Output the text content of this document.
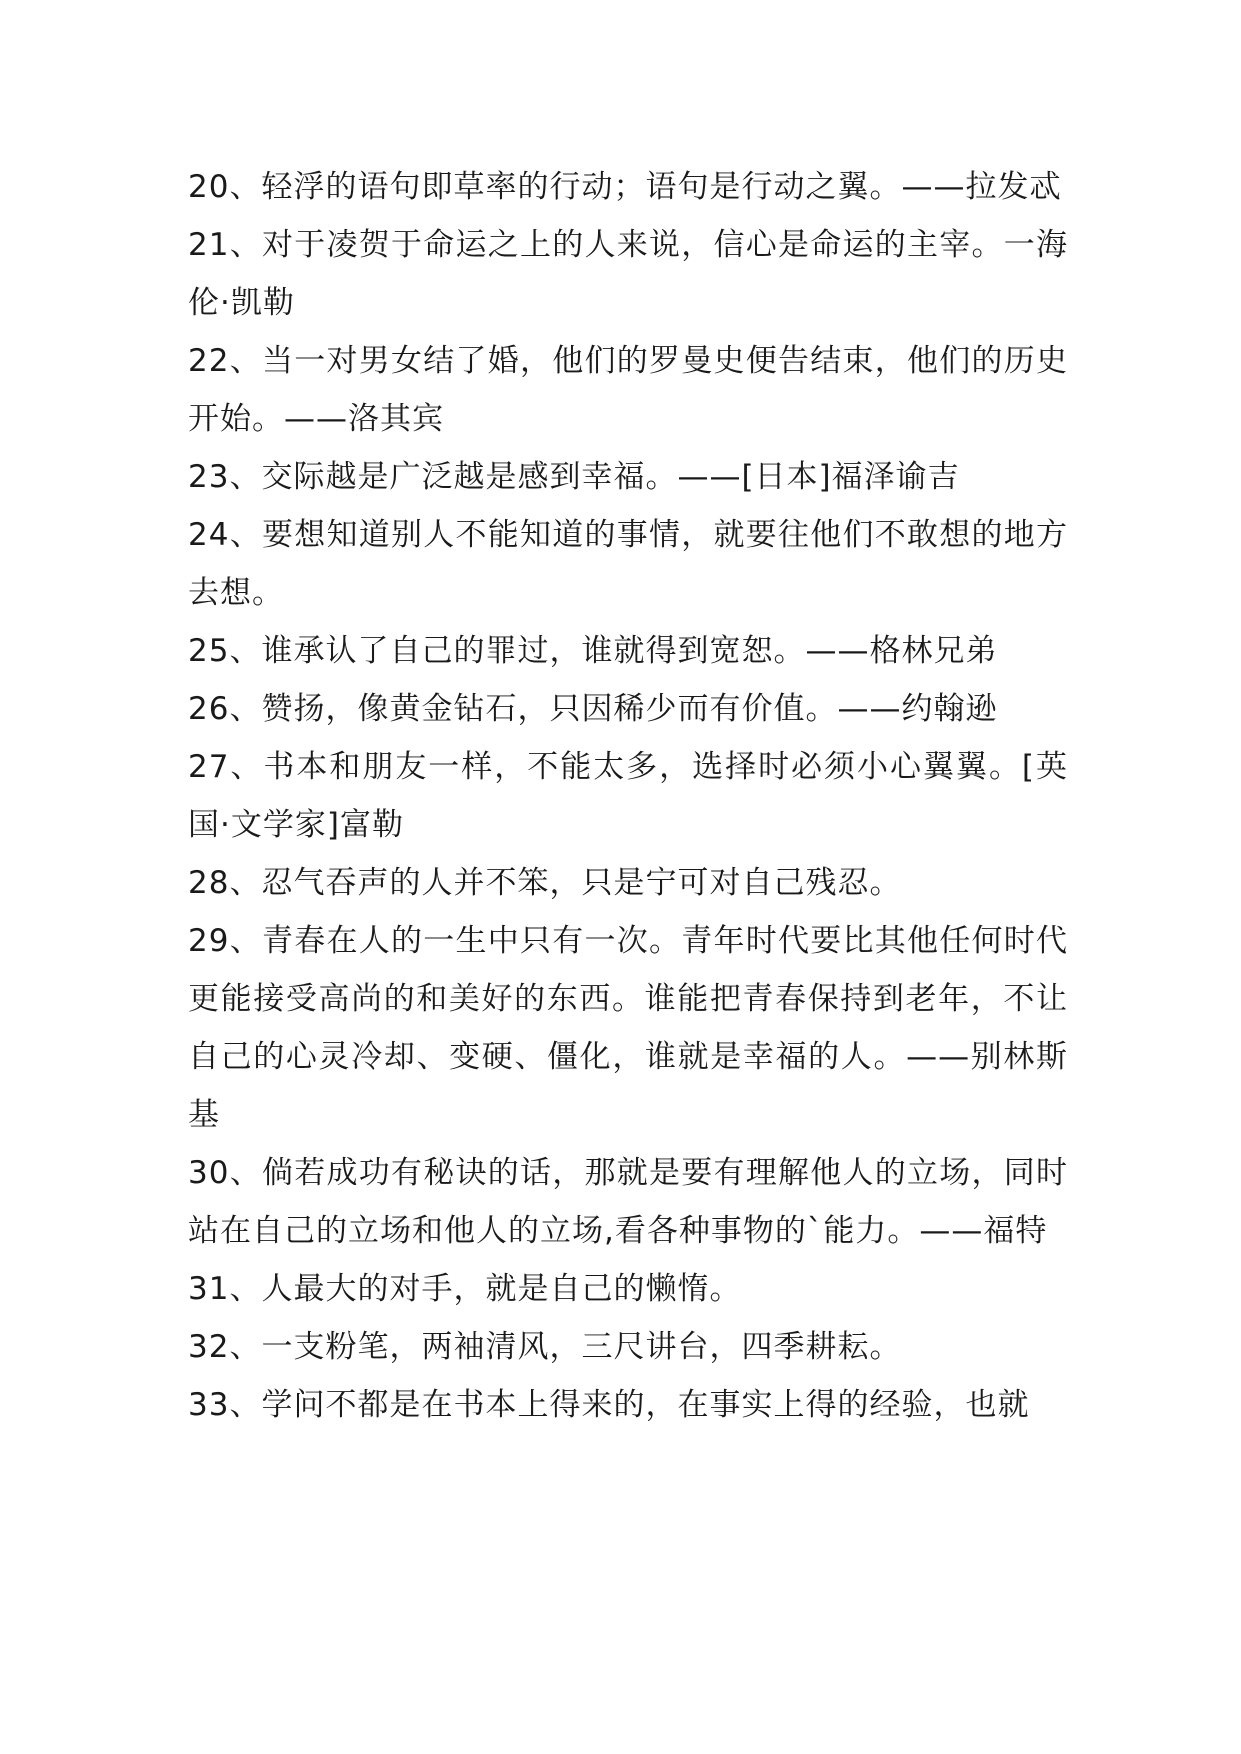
20、轻浮的语句即草率的行动；语句是行动之翼。——拉发忒

21、对于凌贺于命运之上的人来说，信心是命运的主宰。一海伦·凯勒

22、当一对男女结了婚，他们的罗曼史便告结束，他们的历史开始。——洛其宾

23、交际越是广泛越是感到幸福。——[日本]福泽谕吉

24、要想知道别人不能知道的事情，就要往他们不敢想的地方去想。

25、谁承认了自己的罪过，谁就得到宽恕。——格林兄弟

26、赞扬，像黄金钻石，只因稀少而有价值。——约翰逊

27、书本和朋友一样，不能太多，选择时必须小心翼翼。[英国·文学家]富勒

28、忍气吞声的人并不笨，只是宁可对自己残忍。

29、青春在人的一生中只有一次。青年时代要比其他任何时代更能接受高尚的和美好的东西。谁能把青春保持到老年，不让自己的心灵冷却、变硬、僵化，谁就是幸福的人。——别林斯基

30、倘若成功有秘诀的话，那就是要有理解他人的立场，同时站在自己的立场和他人的立场,看各种事物的`能力。——福特

31、人最大的对手，就是自己的懒惰。

32、一支粉笔，两袖清风，三尺讲台，四季耕耘。

33、学问不都是在书本上得来的，在事实上得的经验，也就
